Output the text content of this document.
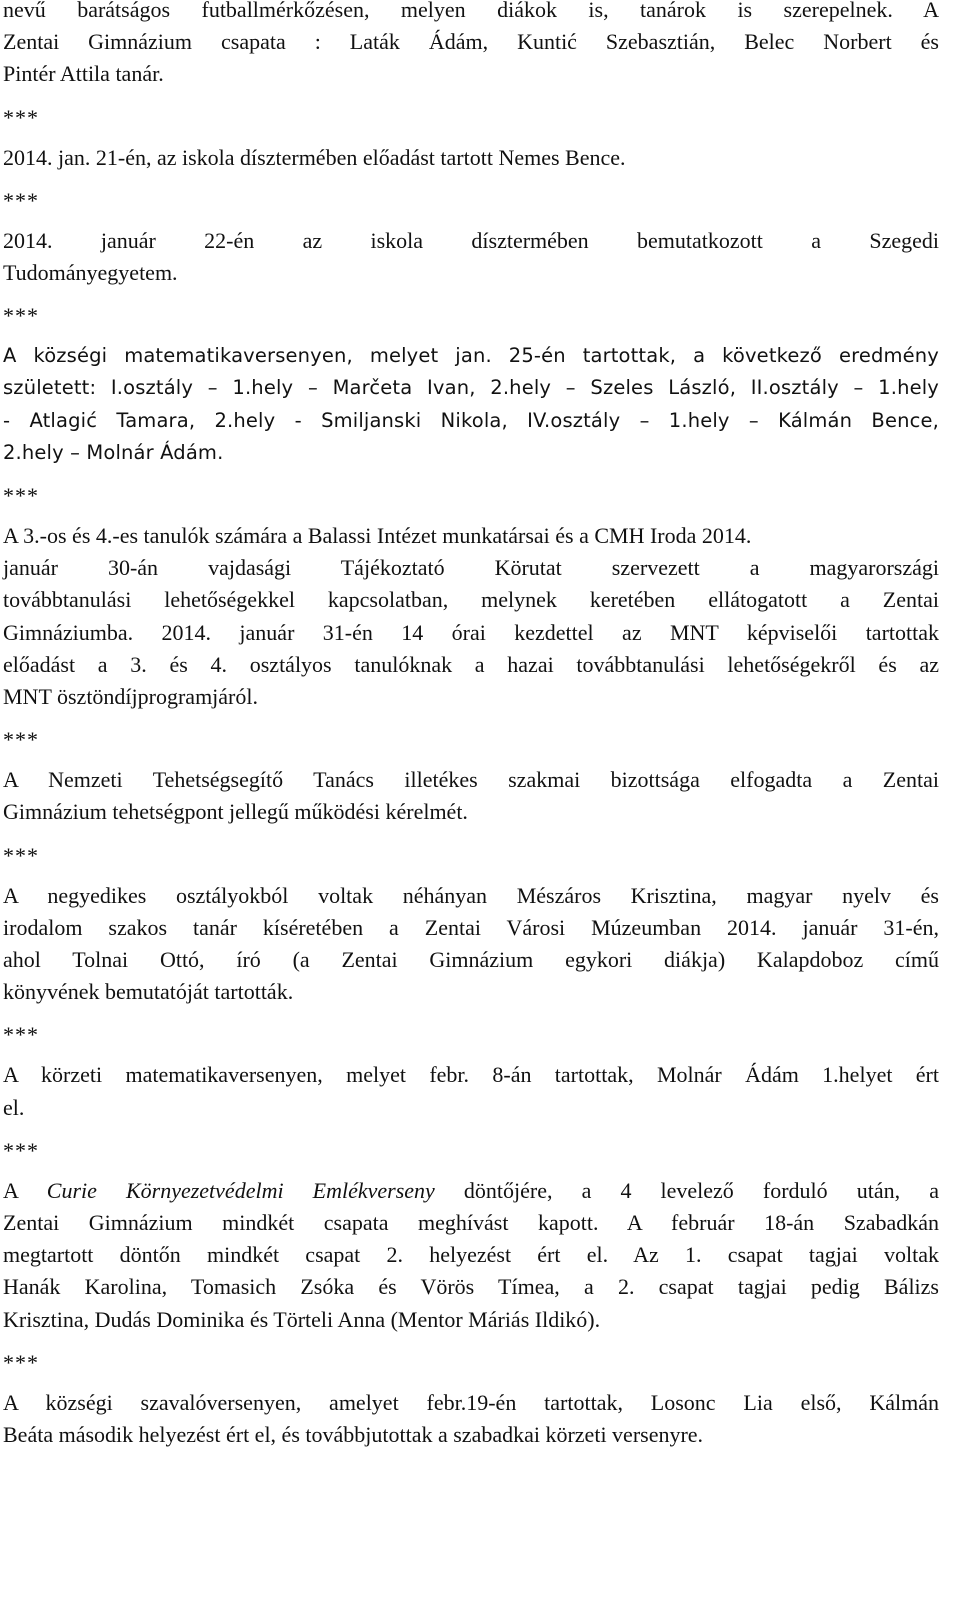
nevű barátságos futballmérkőzésen, melyen diákok is, tanárok is szerepelnek. A
Zentai Gimnázium csapata : Laták Ádám, Kuntić Szebasztián, Belec Norbert és
Pintér Attila tanár.
***
2014. jan. 21-én, az iskola dísztermében előadást tartott Nemes Bence.
***
2014. január 22-én az iskola dísztermében bemutatkozott a Szegedi
Tudományegyetem.
***
A községi matematikaversenyen, melyet jan. 25-én tartottak, a következő eredmény
született: I.osztály – 1.hely – Marčeta Ivan, 2.hely – Szeles László, II.osztály – 1.hely
- Atlagić Tamara, 2.hely - Smiljanski Nikola, IV.osztály – 1.hely – Kálmán Bence,
2.hely – Molnár Ádám.
***
A 3.-os és 4.-es tanulók számára a Balassi Intézet munkatársai és a CMH Iroda 2014.
január 30-án vajdasági Tájékoztató Körutat szervezett a magyarországi
továbbtanulási lehetőségekkel kapcsolatban, melynek keretében ellátogatott a Zentai
Gimnáziumba. 2014. január 31-én 14 órai kezdettel az MNT képviselői tartottak
előadást a 3. és 4. osztályos tanulóknak a hazai továbbtanulási lehetőségekről és az
MNT ösztöndíjprogramjáról.
***
A Nemzeti Tehetségsegítő Tanács illetékes szakmai bizottsága elfogadta a Zentai
Gimnázium tehetségpont jellegű működési kérelmét.
***
A negyedikes osztályokból voltak néhányan Mészáros Krisztina, magyar nyelv és
irodalom szakos tanár kíséretében a Zentai Városi Múzeumban 2014. január 31-én,
ahol Tolnai Ottó, író (a Zentai Gimnázium egykori diákja) Kalapdoboz című
könyvének bemutatóját tartották.
***
A körzeti matematikaversenyen, melyet febr. 8-án tartottak, Molnár Ádám 1.helyet ért
el.
***
A Curie Környezetvédelmi Emlékverseny döntőjére, a 4 levelező forduló után, a
Zentai Gimnázium mindkét csapata meghívást kapott. A február 18-án Szabadkán
megtartott döntőn mindkét csapat 2. helyezést ért el. Az 1. csapat tagjai voltak
Hanák Karolina, Tomasich Zsóka és Vörös Tímea, a 2. csapat tagjai pedig Bálizs
Krisztina, Dudás Dominika és Törteli Anna (Mentor Máriás Ildikó).
***
A községi szavalóversenyen, amelyet febr.19-én tartottak, Losonc Lia első, Kálmán
Beáta második helyezést ért el, és továbbjutottak a szabadkai körzeti versenyre.
